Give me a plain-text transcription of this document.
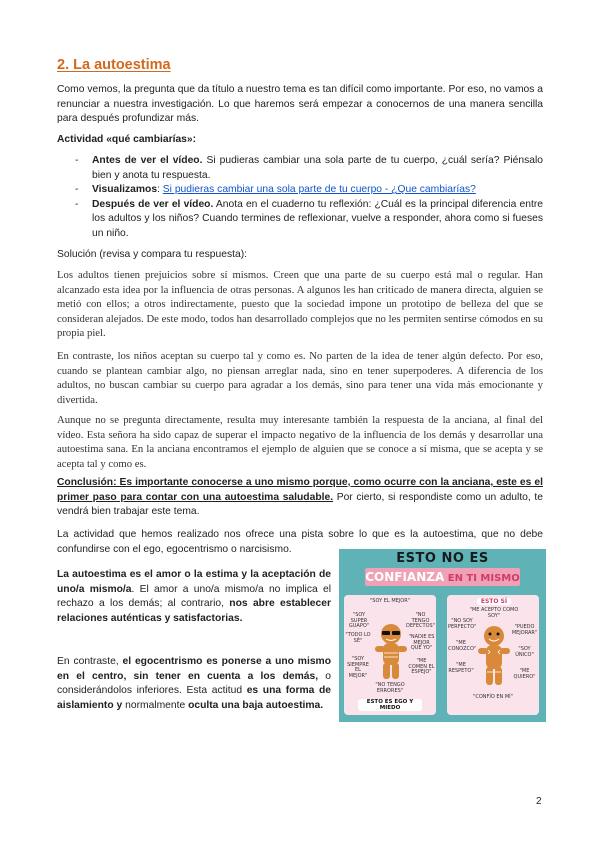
2. La autoestima
Como vemos, la pregunta que da título a nuestro tema es tan difícil como importante. Por eso, no vamos a renunciar a nuestra investigación. Lo que haremos será empezar a conocernos de una manera sencilla para después profundizar más.
Actividad «qué cambiarías»:
- Antes de ver el vídeo. Si pudieras cambiar una sola parte de tu cuerpo, ¿cuál sería? Piénsalo bien y anota tu respuesta.
- Visualizamos: Si pudieras cambiar una sola parte de tu cuerpo - ¿Que cambiarías?
- Después de ver el vídeo. Anota en el cuaderno tu reflexión: ¿Cuál es la principal diferencia entre los adultos y los niños? Cuando termines de reflexionar, vuelve a responder, ahora como si fueses un niño.
Solución (revisa y compara tu respuesta):
Los adultos tienen prejuicios sobre sí mismos. Creen que una parte de su cuerpo está mal o regular. Han alcanzado esta idea por la influencia de otras personas. A algunos les han criticado de manera directa, alguien se metió con ellos; a otros indirectamente, puesto que la sociedad impone un prototipo de belleza del que se consideran alejados. De este modo, todos han desarrollado complejos que no les permiten sentirse cómodos en su propia piel.
En contraste, los niños aceptan su cuerpo tal y como es. No parten de la idea de tener algún defecto. Por eso, cuando se plantean cambiar algo, no piensan arreglar nada, sino en tener superpoderes. A diferencia de los adultos, no buscan cambiar su cuerpo para agradar a los demás, sino para tener una vida más emocionante y divertida.
Aunque no se pregunta directamente, resulta muy interesante también la respuesta de la anciana, al final del vídeo. Esta señora ha sido capaz de superar el impacto negativo de la influencia de los demás y desarrollar una autoestima sana. En la anciana encontramos el ejemplo de alguien que se conoce a sí misma, que se acepta y se acepta tal y como es.
Conclusión: Es importante conocerse a uno mismo porque, como ocurre con la anciana, este es el primer paso para contar con una autoestima saludable. Por cierto, si respondiste como un adulto, te vendrá bien trabajar este tema.
La actividad que hemos realizado nos ofrece una pista sobre lo que es la autoestima, que no debe confundirse con el ego, egocentrismo o narcisismo.
La autoestima es el amor o la estima y la aceptación de uno/a mismo/a. El amor a uno/a mismo/a no implica el rechazo a los demás; al contrario, nos abre establecer relaciones auténticas y satisfactorias.
En contraste, el egocentrismo es ponerse a uno mismo en el centro, sin tener en cuenta a los demás, o considerándolos inferiores. Esta actitud es una forma de aislamiento y normalmente oculta una baja autoestima.
ESTO NO ES
CONFIANZA EN TI MISMO
"SOY EL MEJOR"
"SOY SUPER GUAPO"
"NO TENGO DEFECTOS"
"TODO LO SÉ"
"NADIE ES MEJOR QUE YO"
"SOY SIEMPRE EL MEJOR"
"ME COMEN EL ESPEJO"
"NO TENGO ERRORES"
ESTO ES EGO Y MIEDO
ESTO SÍ
"ME ACEPTO COMO SOY"
"NO SOY PERFECTO"	"PUEDO MEJORAR"
"ME CONOZCO"	"SOY ÚNICO"
"ME RESPETO"	"ME QUIERO"
"CONFÍO EN MÍ"
2
